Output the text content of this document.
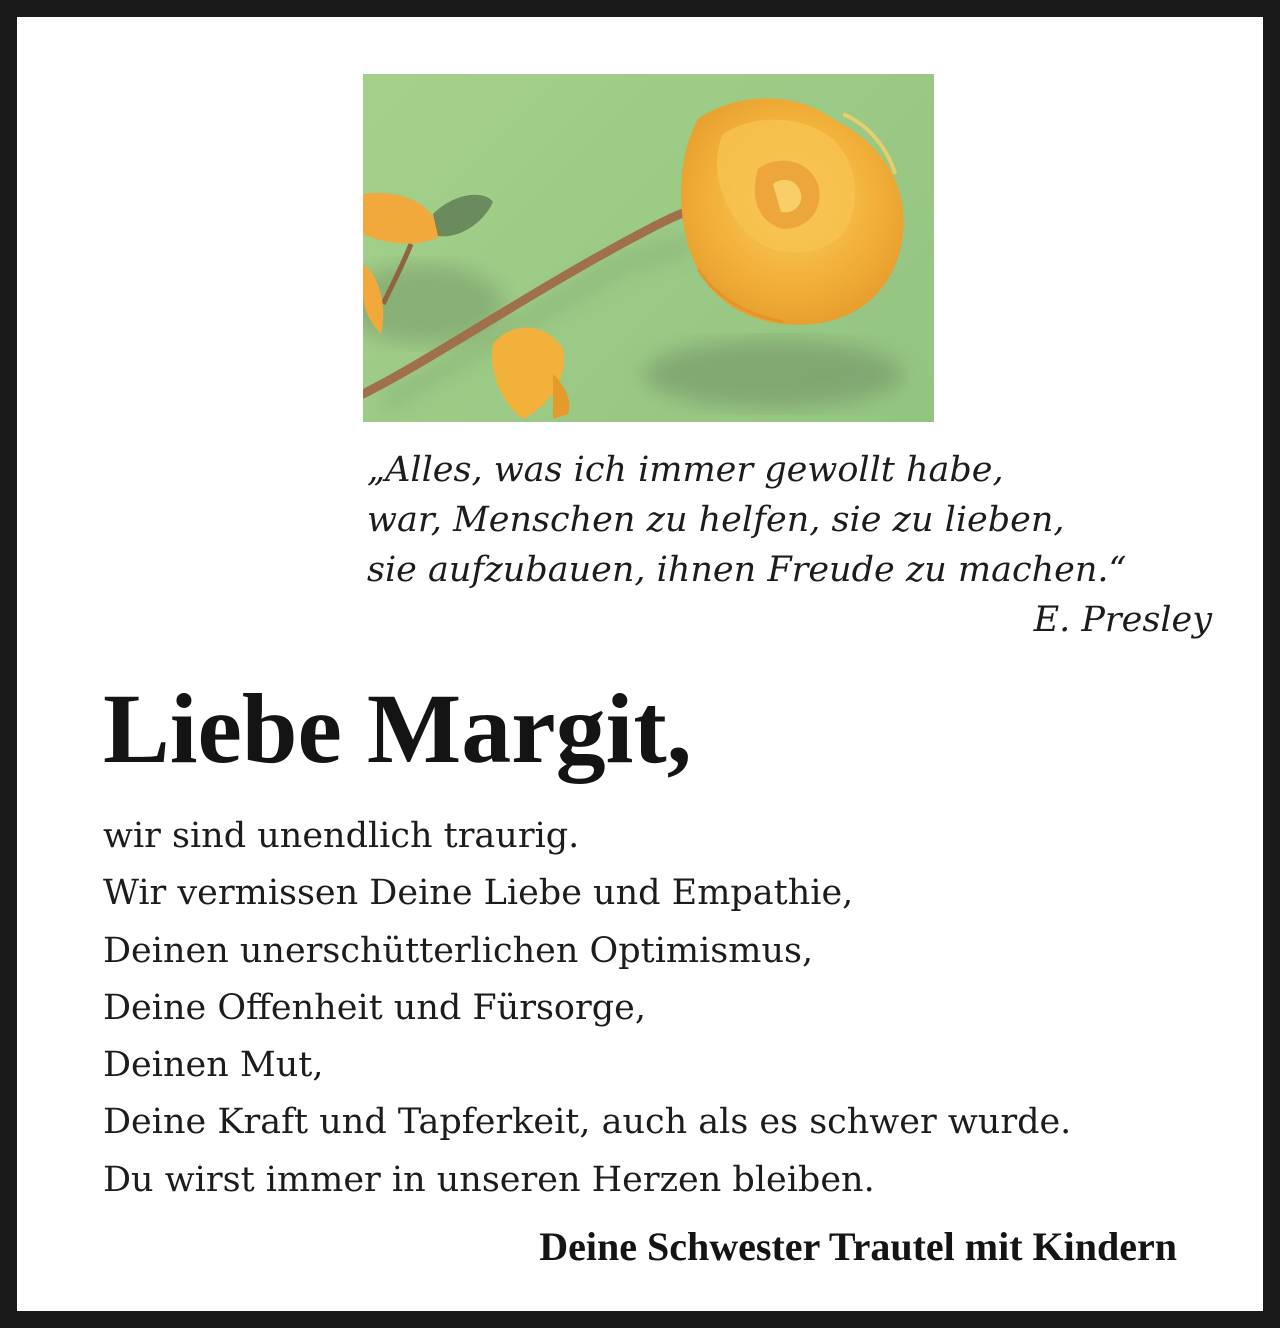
„Alles, was ich immer gewollt habe,
war, Menschen zu helfen, sie zu lieben,
sie aufzubauen, ihnen Freude zu machen.“
E. Presley
Liebe Margit,
wir sind unendlich traurig.
Wir vermissen Deine Liebe und Empathie,
Deinen unerschütterlichen Optimismus,
Deine Offenheit und Fürsorge,
Deinen Mut,
Deine Kraft und Tapferkeit, auch als es schwer wurde.
Du wirst immer in unseren Herzen bleiben.
Deine Schwester Trautel mit Kindern
